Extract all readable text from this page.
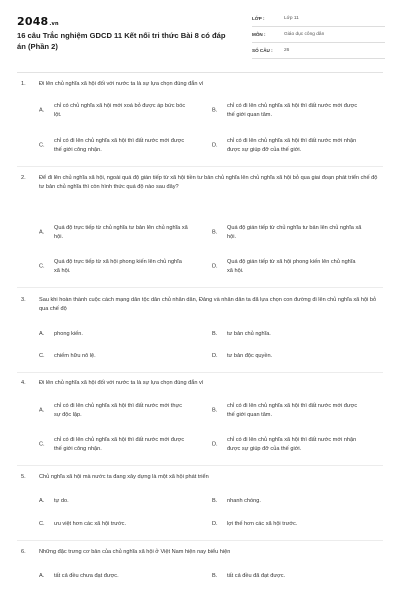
2048.vn
16 câu Trắc nghiệm GDCD 11 Kết nối tri thức Bài 8 có đáp án (Phần 2)
LỚP :	Lớp 11
MÔN :	Giáo dục công dân
SỐ CÂU :	26
1. Đi lên chủ nghĩa xã hội đối với nước ta là sự lựa chọn đúng đắn vì
A.
chỉ có chủ nghĩa xã hội mới xoá bỏ được áp bức bóc lột.
B.
chỉ có đi lên chủ nghĩa xã hội thì đất nước mới được thế giới quan tâm.
C.
chỉ có đi lên chủ nghĩa xã hội thì đất nước mới được thế giới công nhận.
D.
chỉ có đi lên chủ nghĩa xã hội thì đất nước mới nhận được sự giúp đỡ của thế giới.
2. Để đi lên chủ nghĩa xã hội, ngoài quá độ gián tiếp từ xã hội tiền tư bản chủ nghĩa lên chủ nghĩa xã hội bỏ qua giai đoạn phát triển chế độ tư bản chủ nghĩa thì còn hình thức quá độ nào sau đây?
A.
Quá độ trực tiếp từ chủ nghĩa tư bản lên chủ nghĩa xã hội.
B.
Quá độ gián tiếp từ chủ nghĩa tư bản lên chủ nghĩa xã hội.
C.
Quá độ trực tiếp từ xã hội phong kiến lên chủ nghĩa xã hội.
D.
Quá độ gián tiếp từ xã hội phong kiến lên chủ nghĩa xã hội.
3. Sau khi hoàn thành cuộc cách mạng dân tộc dân chủ nhân dân, Đảng và nhân dân ta đã lựa chọn con đường đi lên chủ nghĩa xã hội bỏ qua chế độ
A.	phong kiến.	B.	tư bản chủ nghĩa.
C.	chiếm hữu nô lệ.	D.	tư bản độc quyền.
4. Đi lên chủ nghĩa xã hội đối với nước ta là sự lựa chọn đúng đắn vì
A.
chỉ có đi lên chủ nghĩa xã hội thì đất nước mới thực sự độc lập.
B.
chỉ có đi lên chủ nghĩa xã hội thì đất nước mới được thế giới quan tâm.
C.
chỉ có đi lên chủ nghĩa xã hội thì đất nước mới được thế giới công nhận.
D.
chỉ có đi lên chủ nghĩa xã hội thì đất nước mới nhận được sự giúp đỡ của thế giới.
5. Chủ nghĩa xã hội mà nước ta đang xây dựng là một xã hội phát triển
A.	tự do.	B.	nhanh chóng.
C.	ưu việt hơn các xã hội trước.	D.	lợi thế hơn các xã hội trước.
6. Những đặc trưng cơ bản của chủ nghĩa xã hội ở Việt Nam hiện nay biểu hiện
A.	tất cả đều chưa đạt được.	B.	tất cả đều đã đạt được.
